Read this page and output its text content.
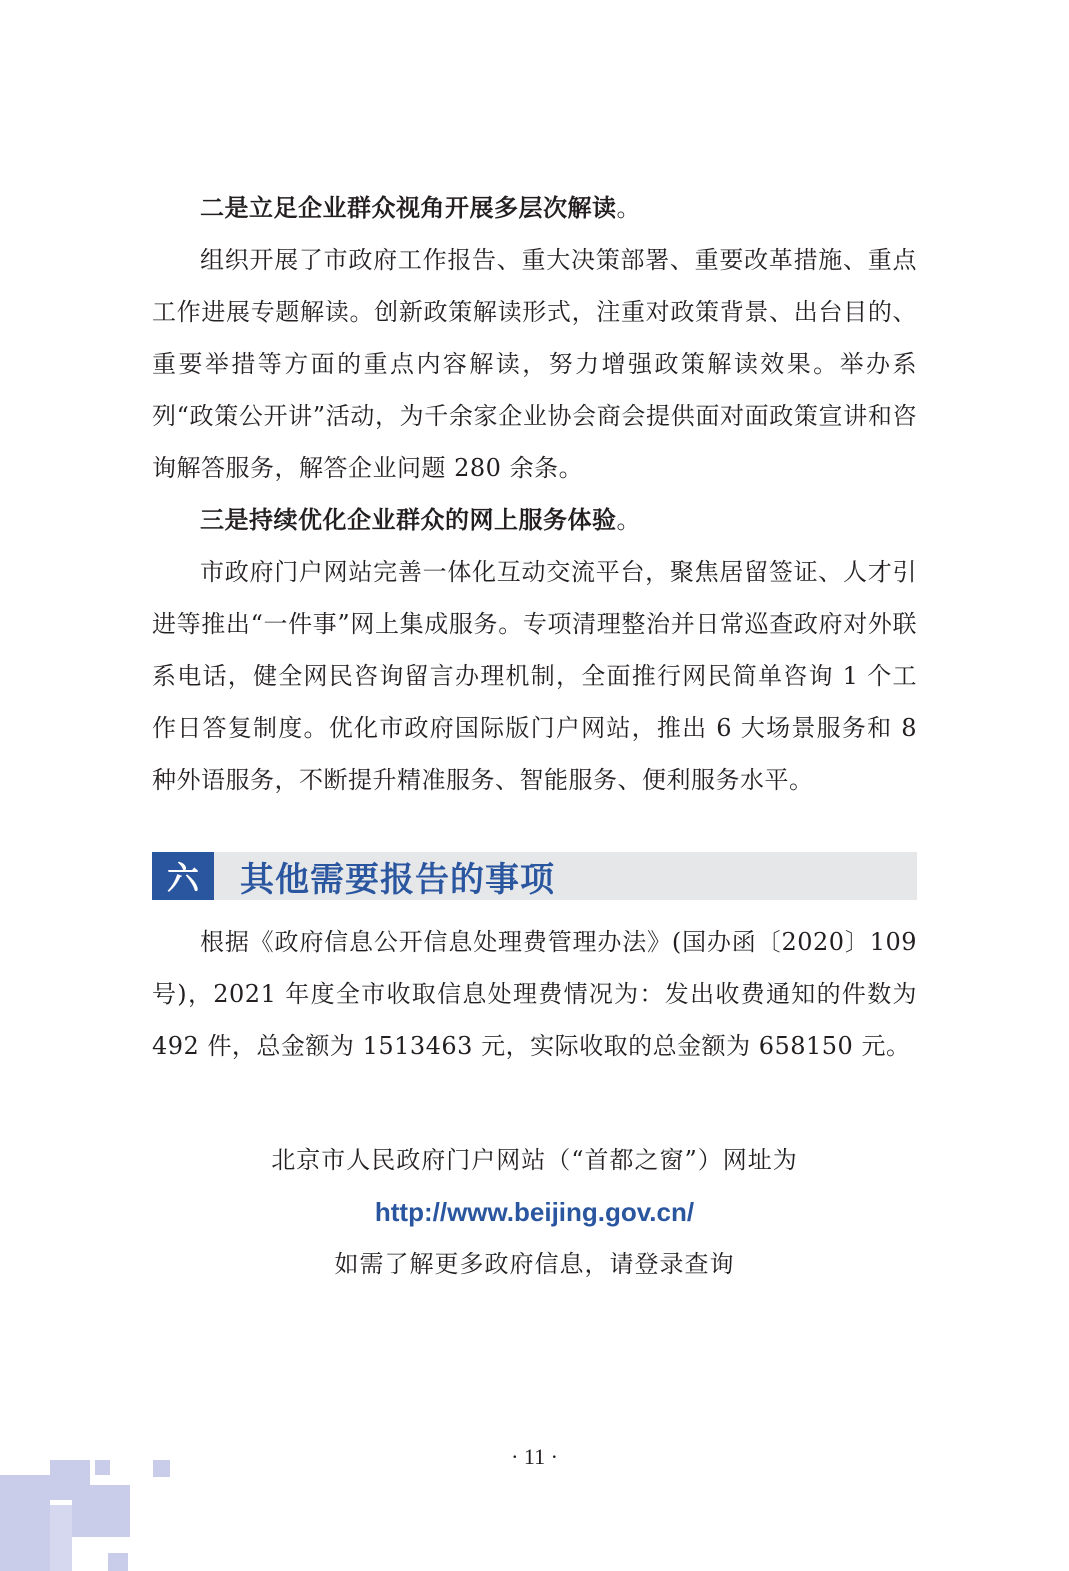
二是立足企业群众视角开展多层次解读。

组织开展了市政府工作报告、重大决策部署、重要改革措施、重点工作进展专题解读。创新政策解读形式，注重对政策背景、出台目的、重要举措等方面的重点内容解读，努力增强政策解读效果。举办系列“政策公开讲”活动，为千余家企业协会商会提供面对面政策宣讲和咨询解答服务，解答企业问题 280 余条。

三是持续优化企业群众的网上服务体验。

市政府门户网站完善一体化互动交流平台，聚焦居留签证、人才引进等推出“一件事”网上集成服务。专项清理整治并日常巡查政府对外联系电话，健全网民咨询留言办理机制，全面推行网民简单咨询 1 个工作日答复制度。优化市政府国际版门户网站，推出 6 大场景服务和 8 种外语服务，不断提升精准服务、智能服务、便利服务水平。

六	其他需要报告的事项

根据《政府信息公开信息处理费管理办法》(国办函〔2020〕109 号)，2021 年度全市收取信息处理费情况为：发出收费通知的件数为 492 件，总金额为 1513463 元，实际收取的总金额为 658150 元。

北京市人民政府门户网站（“首都之窗”）网址为
http://www.beijing.gov.cn/
如需了解更多政府信息，请登录查询
· 11 ·
